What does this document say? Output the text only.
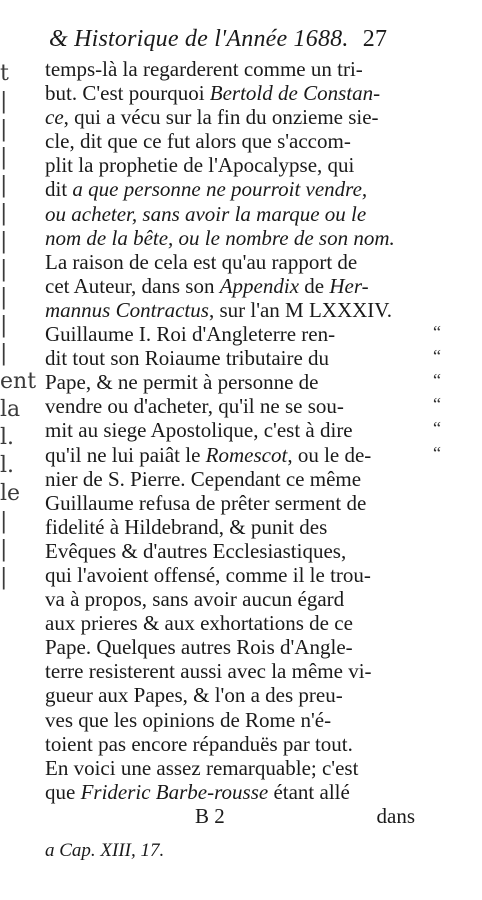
t
|
|
|
|
|
|
|
|
|
|
ent
la
l.
l.
le
|
|
|
& Historique de l'Année 1688. 27
temps-là la regarderent comme un tri-
but. C'est pourquoi Bertold de Constan-
ce, qui a vécu sur la fin du onzieme sie-
cle, dit que ce fut alors que s'accom-
plit la prophetie de l'Apocalypse, qui
dit a que personne ne pourroit vendre,
ou acheter, sans avoir la marque ou le
nom de la bête, ou le nombre de son nom.
La raison de cela est qu'au rapport de
cet Auteur, dans son Appendix de Her-
mannus Contractus, sur l'an M LXXXIV.
Guillaume I. Roi d'Angleterre ren-	“
dit tout son Roiaume tributaire du	“
Pape, & ne permit à personne de	“
vendre ou d'acheter, qu'il ne se sou-	“
mit au siege Apostolique, c'est à dire	“
qu'il ne lui paiât le Romescot, ou le de-	“
nier de S. Pierre. Cependant ce même
Guillaume refusa de prêter serment de
fidelité à Hildebrand, & punit des
Evêques & d'autres Ecclesiastiques,
qui l'avoient offensé, comme il le trou-
va à propos, sans avoir aucun égard
aux prieres & aux exhortations de ce
Pape. Quelques autres Rois d'Angle-
terre resisterent aussi avec la même vi-
gueur aux Papes, & l'on a des preu-
ves que les opinions de Rome n'é-
toient pas encore répanduës par tout.
En voici une assez remarquable; c'est
que Frideric Barbe-rousse étant allé
B 2	dans
a Cap. XIII, 17.
